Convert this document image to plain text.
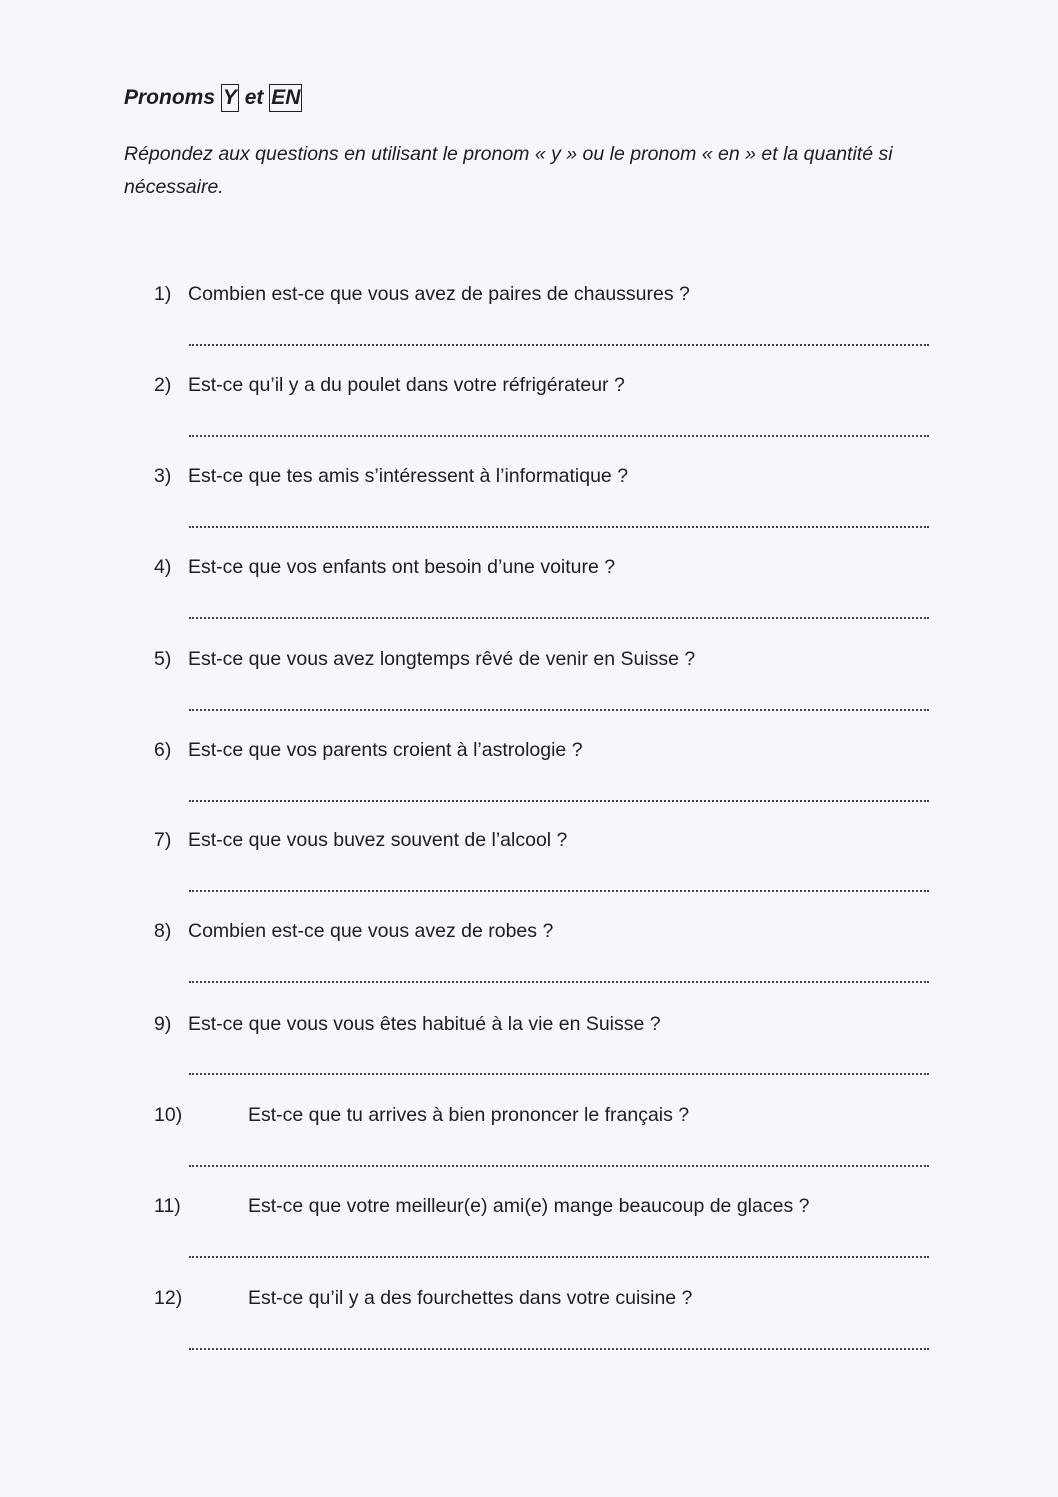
Pronoms Y et EN
Répondez aux questions en utilisant le pronom « y » ou le pronom « en » et la quantité si nécessaire.
1) Combien est-ce que vous avez de paires de chaussures ?
2) Est-ce qu’il y a du poulet dans votre réfrigérateur ?
3) Est-ce que tes amis s’intéressent à l’informatique ?
4) Est-ce que vos enfants ont besoin d’une voiture ?
5) Est-ce que vous avez longtemps rêvé de venir en Suisse ?
6) Est-ce que vos parents croient à l’astrologie ?
7) Est-ce que vous buvez souvent de l’alcool ?
8) Combien est-ce que vous avez de robes ?
9) Est-ce que vous vous êtes habitué à la vie en Suisse ?
10)	Est-ce que tu arrives à bien prononcer le français ?
11)	Est-ce que votre meilleur(e) ami(e) mange beaucoup de glaces ?
12)	Est-ce qu’il y a des fourchettes dans votre cuisine ?
